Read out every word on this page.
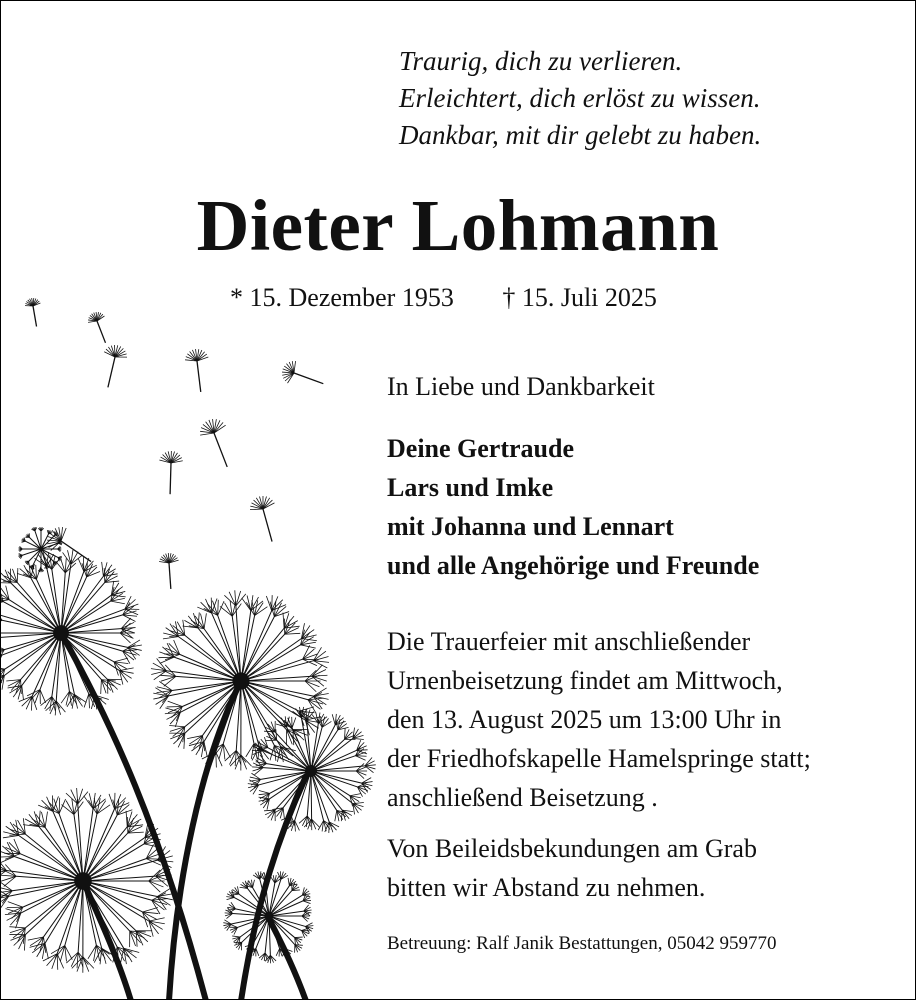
Traurig, dich zu verlieren.
Erleichtert, dich erlöst zu wissen.
Dankbar, mit dir gelebt zu haben.
Dieter Lohmann
* 15. Dezember 1953 † 15. Juli 2025
In Liebe und Dankbarkeit
Deine Gertraude
Lars und Imke
mit Johanna und Lennart
und alle Angehörige und Freunde
Die Trauerfeier mit anschließender
Urnenbeisetzung findet am Mittwoch,
den 13. August 2025 um 13:00 Uhr in
der Friedhofskapelle Hamelspringe statt;
anschließend Beisetzung .
Von Beileidsbekundungen am Grab
bitten wir Abstand zu nehmen.
Betreuung: Ralf Janik Bestattungen, 05042 959770
